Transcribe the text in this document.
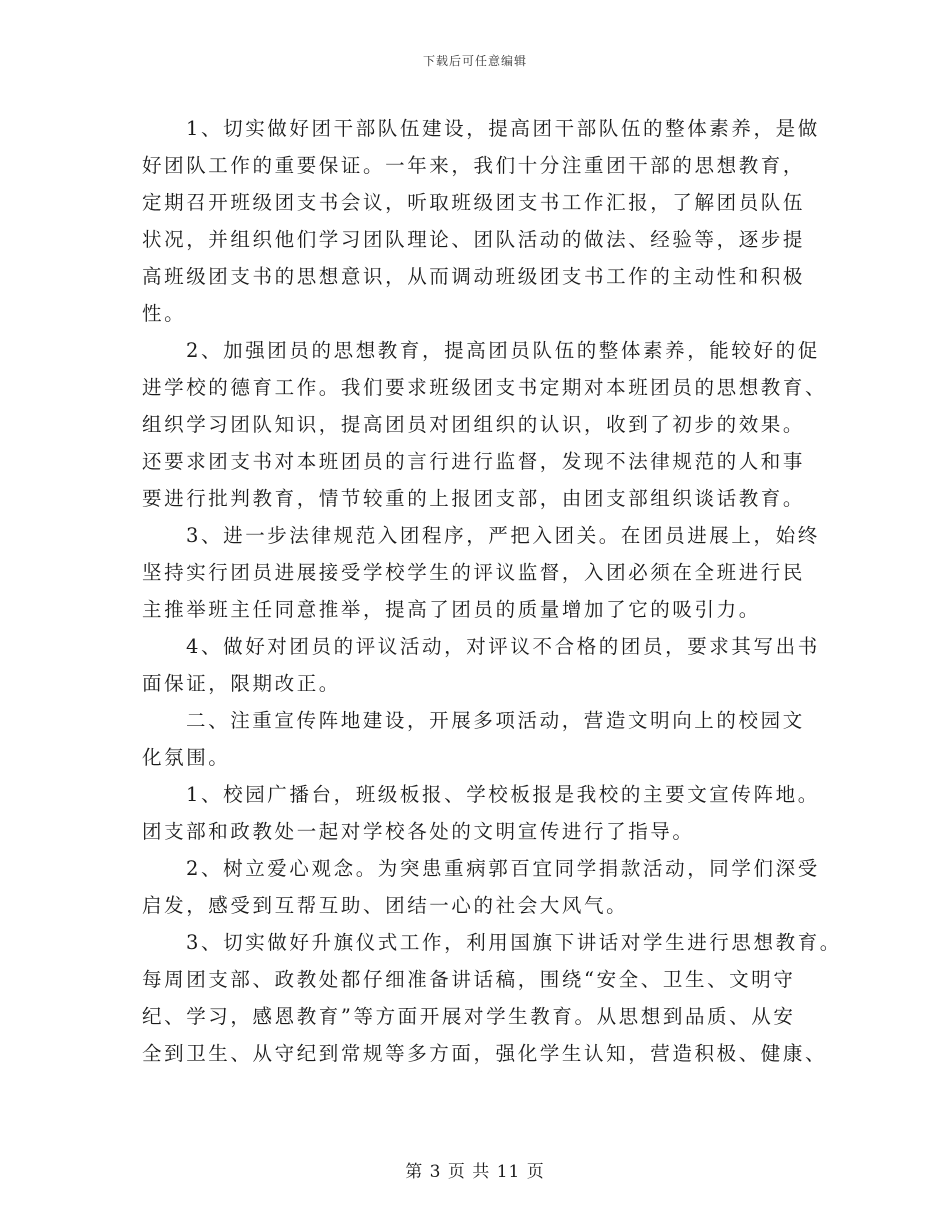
下载后可任意编辑
1、切实做好团干部队伍建设，提高团干部队伍的整体素养，是做
好团队工作的重要保证。一年来，我们十分注重团干部的思想教育，
定期召开班级团支书会议，听取班级团支书工作汇报，了解团员队伍
状况，并组织他们学习团队理论、团队活动的做法、经验等，逐步提
高班级团支书的思想意识，从而调动班级团支书工作的主动性和积极
性。
2、加强团员的思想教育，提高团员队伍的整体素养，能较好的促
进学校的德育工作。我们要求班级团支书定期对本班团员的思想教育、
组织学习团队知识，提高团员对团组织的认识，收到了初步的效果。
还要求团支书对本班团员的言行进行监督，发现不法律规范的人和事
要进行批判教育，情节较重的上报团支部，由团支部组织谈话教育。
3、进一步法律规范入团程序，严把入团关。在团员进展上，始终
坚持实行团员进展接受学校学生的评议监督，入团必须在全班进行民
主推举班主任同意推举，提高了团员的质量增加了它的吸引力。
4、做好对团员的评议活动，对评议不合格的团员，要求其写出书
面保证，限期改正。
二、注重宣传阵地建设，开展多项活动，营造文明向上的校园文
化氛围。
1、校园广播台，班级板报、学校板报是我校的主要文宣传阵地。
团支部和政教处一起对学校各处的文明宣传进行了指导。
2、树立爱心观念。为突患重病郭百宜同学捐款活动，同学们深受
启发，感受到互帮互助、团结一心的社会大风气。
3、切实做好升旗仪式工作，利用国旗下讲话对学生进行思想教育。
每周团支部、政教处都仔细准备讲话稿，围绕“安全、卫生、文明守
纪、学习，感恩教育”等方面开展对学生教育。从思想到品质、从安
全到卫生、从守纪到常规等多方面，强化学生认知，营造积极、健康、
第 3 页 共 11 页
